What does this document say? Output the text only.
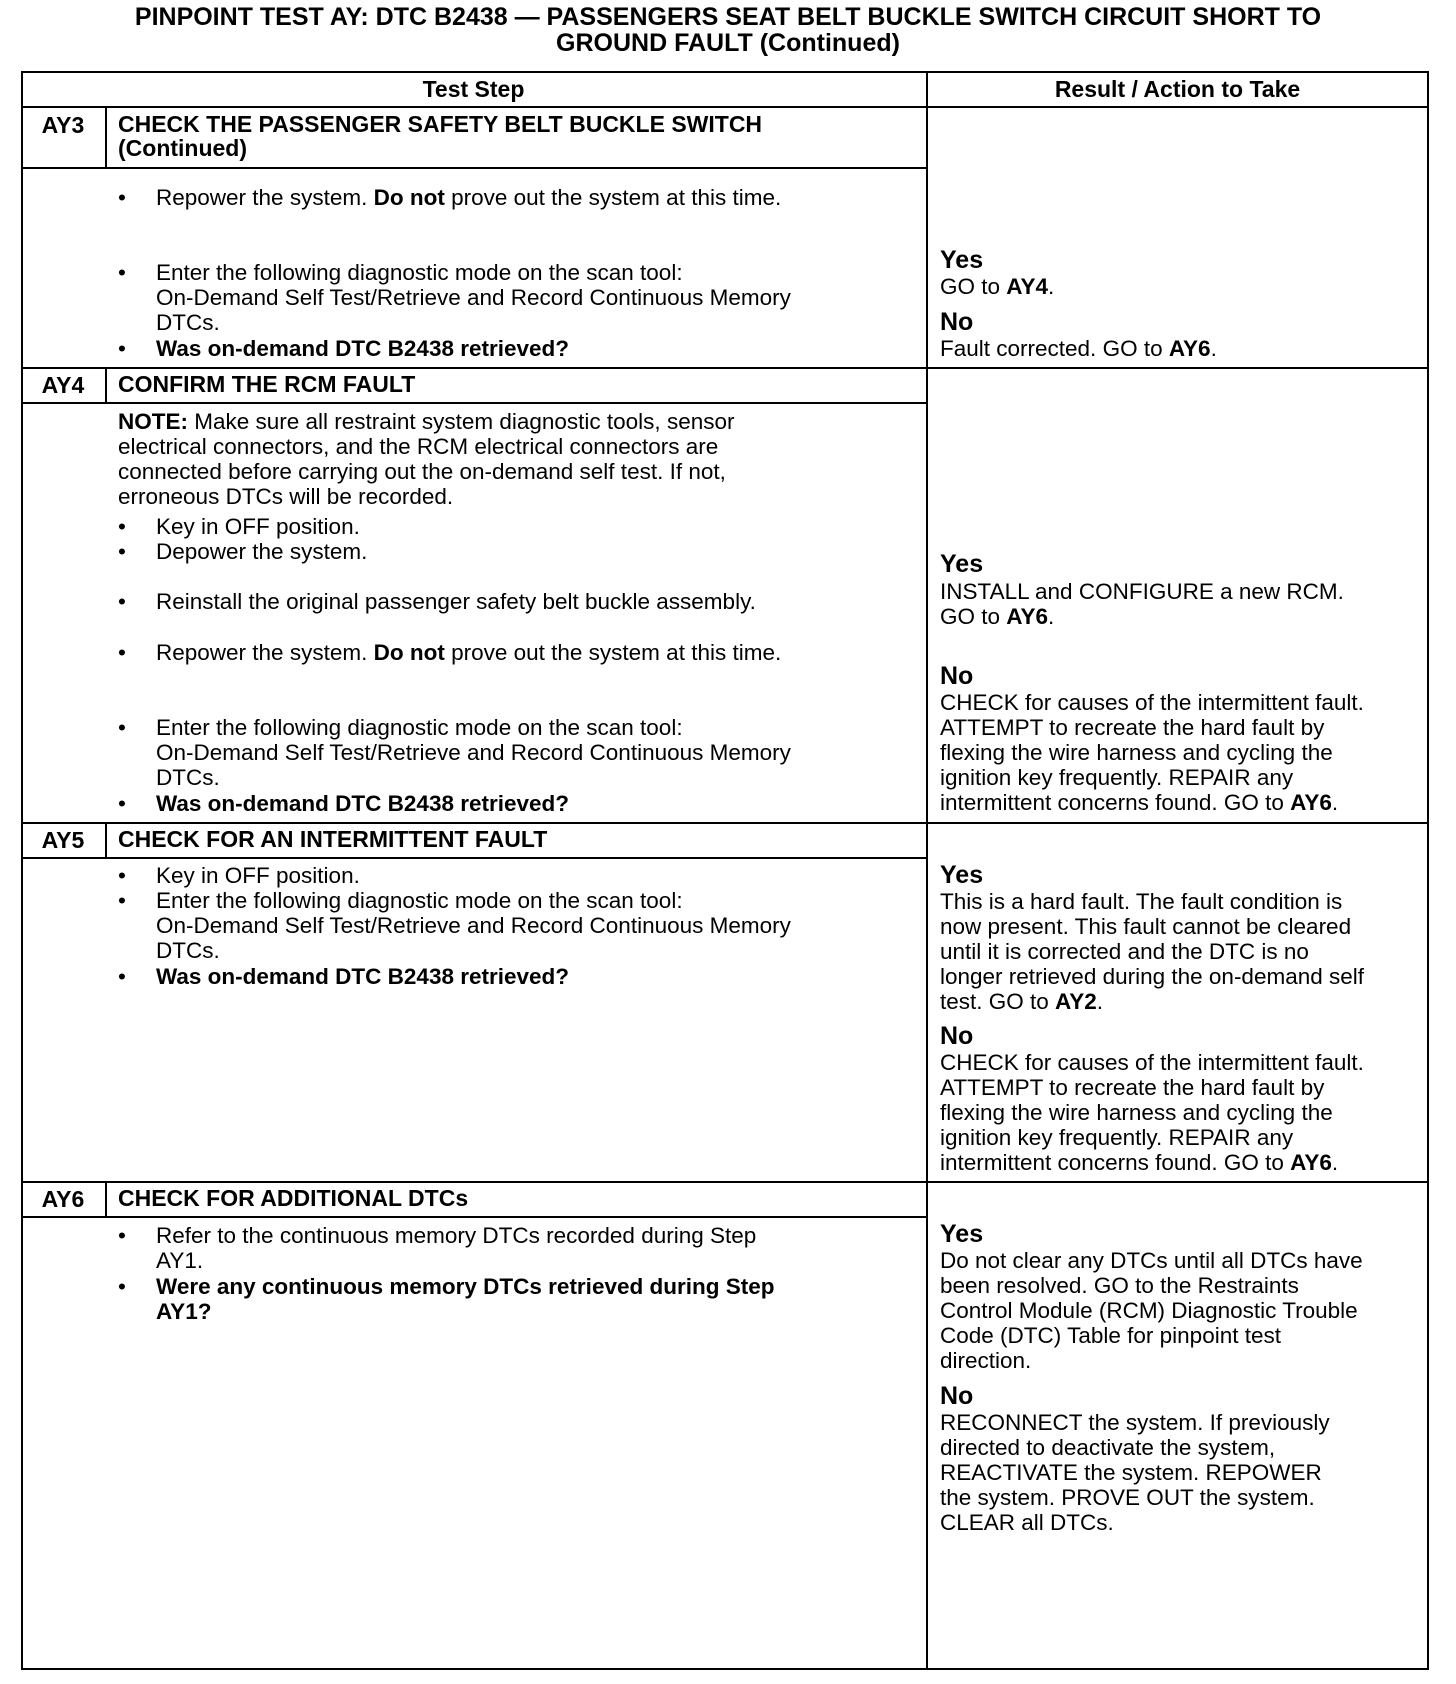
PINPOINT TEST AY: DTC B2438 — PASSENGERS SEAT BELT BUCKLE SWITCH CIRCUIT SHORT TO
GROUND FAULT (Continued)
Test Step	Result / Action to Take
AY3	CHECK THE PASSENGER SAFETY BELT BUCKLE SWITCH
(Continued)
• Repower the system. Do not prove out the system at this time.
• Enter the following diagnostic mode on the scan tool:
On-Demand Self Test/Retrieve and Record Continuous Memory
DTCs.
• Was on-demand DTC B2438 retrieved?
Yes
GO to AY4.
No
Fault corrected. GO to AY6.
AY4	CONFIRM THE RCM FAULT
NOTE: Make sure all restraint system diagnostic tools, sensor
electrical connectors, and the RCM electrical connectors are
connected before carrying out the on-demand self test. If not,
erroneous DTCs will be recorded.
• Key in OFF position.
• Depower the system.
• Reinstall the original passenger safety belt buckle assembly.
• Repower the system. Do not prove out the system at this time.
• Enter the following diagnostic mode on the scan tool:
On-Demand Self Test/Retrieve and Record Continuous Memory
DTCs.
• Was on-demand DTC B2438 retrieved?
Yes
INSTALL and CONFIGURE a new RCM.
GO to AY6.
No
CHECK for causes of the intermittent fault.
ATTEMPT to recreate the hard fault by
flexing the wire harness and cycling the
ignition key frequently. REPAIR any
intermittent concerns found. GO to AY6.
AY5	CHECK FOR AN INTERMITTENT FAULT
• Key in OFF position.
• Enter the following diagnostic mode on the scan tool:
On-Demand Self Test/Retrieve and Record Continuous Memory
DTCs.
• Was on-demand DTC B2438 retrieved?
Yes
This is a hard fault. The fault condition is
now present. This fault cannot be cleared
until it is corrected and the DTC is no
longer retrieved during the on-demand self
test. GO to AY2.
No
CHECK for causes of the intermittent fault.
ATTEMPT to recreate the hard fault by
flexing the wire harness and cycling the
ignition key frequently. REPAIR any
intermittent concerns found. GO to AY6.
AY6	CHECK FOR ADDITIONAL DTCs
• Refer to the continuous memory DTCs recorded during Step
AY1.
• Were any continuous memory DTCs retrieved during Step
AY1?
Yes
Do not clear any DTCs until all DTCs have
been resolved. GO to the Restraints
Control Module (RCM) Diagnostic Trouble
Code (DTC) Table for pinpoint test
direction.
No
RECONNECT the system. If previously
directed to deactivate the system,
REACTIVATE the system. REPOWER
the system. PROVE OUT the system.
CLEAR all DTCs.
